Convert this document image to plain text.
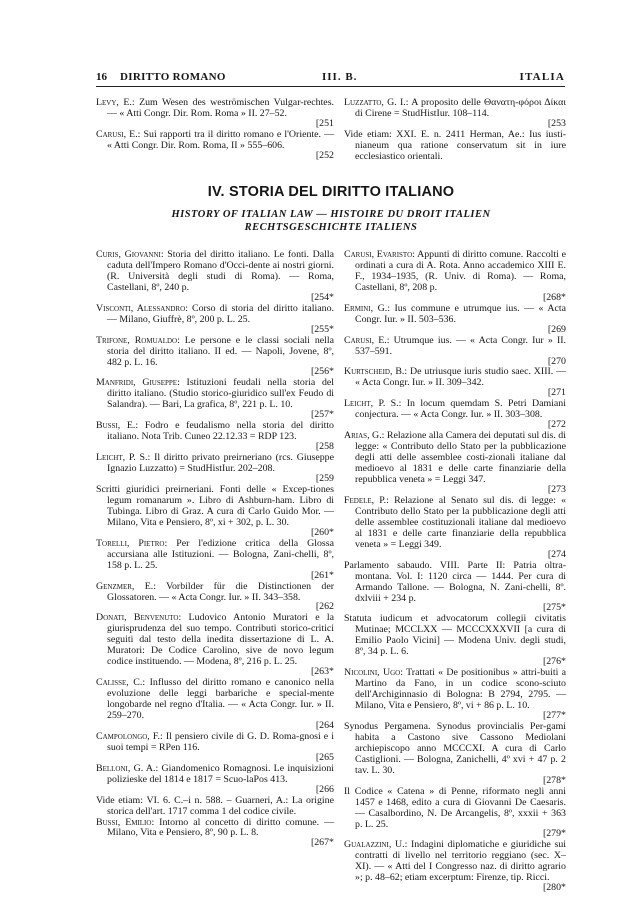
16	DIRITTO ROMANO	III. B.	ITALIA

Levy, E.: Zum Wesen des weströmischen Vulgar-rechtes. — « Atti Congr. Dir. Rom. Roma » II. 27–52.
[251

Carusi, E.: Sui rapporti tra il diritto romano e l'Oriente. — « Atti Congr. Dir. Rom. Roma, II » 555–606.
[252

Luzzatto, G. I.: A proposito delle Θανατη-φόροι Δίκαι di Cirene = StudHistIur. 108–114.
[253

Vide etiam: XXI. E. n. 2411 Herman, Ae.: Ius iusti-nianeum qua ratione conservatum sit in iure ecclesiastico orientali.

IV. STORIA DEL DIRITTO ITALIANO
HISTORY OF ITALIAN LAW — HISTOIRE DU DROIT ITALIEN
RECHTSGESCHICHTE ITALIENS

Curis, Giovanni: Storia del diritto italiano. Le fonti. Dalla caduta dell'Impero Romano d'Occi-dente ai nostri giorni. (R. Università degli studi di Roma). — Roma, Castellani, 8º, 240 p.
[254*

Visconti, Alessandro: Corso di storia del diritto italiano. — Milano, Giuffrè, 8º, 200 p. L. 25.
[255*

Trifone, Romualdo: Le persone e le classi sociali nella storia del diritto italiano. II ed. — Napoli, Jovene, 8º, 482 p. L. 16.
[256*

Manfridi, Giuseppe: Istituzioni feudali nella storia del diritto italiano. (Studio storico-giuridico sull'ex Feudo di Salandra). — Bari, La grafica, 8º, 221 p. L. 10.
[257*

Bussi, E.: Fodro e feudalismo nella storia del diritto italiano. Nota Trib. Cuneo 22.12.33 = RDP 123.
[258

Leicht, P. S.: Il diritto privato preirneriano (rcs. Giuseppe Ignazio Luzzatto) = StudHistIur. 202–208.
[259

Scritti giuridici preirneriani. Fonti delle « Excep-tiones legum romanarum ». Libro di Ashburn-ham. Libro di Tubinga. Libro di Graz. A cura di Carlo Guido Mor. — Milano, Vita e Pensiero, 8º, xi + 302, p. L. 30.
[260*

Torelli, Pietro: Per l'edizione critica della Glossa accursiana alle Istituzioni. — Bologna, Zani-chelli, 8º, 158 p. L. 25.
[261*

Genzmer, E.: Vorbilder für die Distinctionen der Glossatoren. — « Acta Congr. Iur. » II. 343–358.
[262

Donati, Benvenuto: Ludovico Antonio Muratori e la giurisprudenza del suo tempo. Contributi storico-critici seguiti dal testo della inedita dissertazione di L. A. Muratori: De Codice Carolino, sive de novo legum codice instituendo. — Modena, 8º, 216 p. L. 25.
[263*

Calisse, C.: Influsso del diritto romano e canonico nella evoluzione delle leggi barbariche e special-mente longobarde nel regno d'Italia. — « Acta Congr. Iur. » II. 259–270.
[264

Campolongo, F.: Il pensiero civile di G. D. Roma-gnosi e i suoi tempi = RPen 116.
[265

Belloni, G. A.: Giandomenico Romagnosi. Le inquisizioni polizieske del 1814 e 1817 = Scuo-laPos 413.
[266

Vide etiam: VI. 6. C.–i n. 588. – Guarneri, A.: La origine storica dell'art. 1717 comma 1 del codice civile.

Bussi, Emilio: Intorno al concetto di diritto comune. — Milano, Vita e Pensiero, 8º, 90 p. L. 8.
[267*

Carusi, Evaristo: Appunti di diritto comune. Raccolti e ordinati a cura di A. Rota. Anno accademico XIII E. F., 1934–1935, (R. Univ. di Roma). — Roma, Castellani, 8º, 208 p.
[268*

Ermini, G.: Ius commune e utrumque ius. — « Acta Congr. Iur. » II. 503–536.
[269

Carusi, E.: Utrumque ius. — « Acta Congr. Iur » II. 537–591.
[270

Kurtscheid, B.: De utriusque iuris studio saec. XIII. — « Acta Congr. Iur. » II. 309–342.
[271

Leicht, P. S.: In locum quemdam S. Petri Damiani conjectura. — « Acta Congr. Iur. » II. 303–308.
[272

Arias, G.: Relazione alla Camera dei deputati sul dis. di legge: « Contributo dello Stato per la pubblicazione degli atti delle assemblee costi-zionali italiane dal medioevo al 1831 e delle carte finanziarie della repubblica veneta » = Leggi 347.
[273

Fedele, P.: Relazione al Senato sul dis. di legge: « Contributo dello Stato per la pubblicazione degli atti delle assemblee costituzionali italiane dal medioevo al 1831 e delle carte finanziarie della repubblica veneta » = Leggi 349.
[274

Parlamento sabaudo. VIII. Parte II: Patria oltra-montana. Vol. I: 1120 circa — 1444. Per cura di Armando Tallone. — Bologna, N. Zani-chelli, 8º. dxlviii + 234 p.
[275*

Statuta iudicum et advocatorum collegii civitatis Mutinae; MCCLXX — MCCCXXXVII [a cura di Emilio Paolo Vicini] — Modena Univ. degli studi, 8º, 34 p. L. 6.
[276*

Nicolini, Ugo: Trattati « De positionibus » attri-buiti a Martino da Fano, in un codice scono-sciuto dell'Archiginnasio di Bologna: B 2794, 2795. — Milano, Vita e Pensiero, 8º, vi + 86 p. L. 10.
[277*

Synodus Pergamena. Synodus provincialis Per-gami habita a Castono sive Cassono Mediolani archiepiscopo anno MCCCXI. A cura di Carlo Castiglioni. — Bologna, Zanichelli, 4º xvi + 47 p. 2 tav. L. 30.
[278*

Il Codice « Catena » di Penne, riformato negli anni 1457 e 1468, edito a cura di Giovanni De Caesaris. — Casalbordino, N. De Arcangelis, 8º, xxxii + 363 p. L. 25.
[279*

Gualazzini, U.: Indagini diplomatiche e giuridiche sui contratti di livello nel territorio reggiano (sec. X–XI). — « Atti del I Congresso naz. di diritto agrario »; p. 48–62; etiam excerptum: Firenze, tip. Ricci.
[280*
